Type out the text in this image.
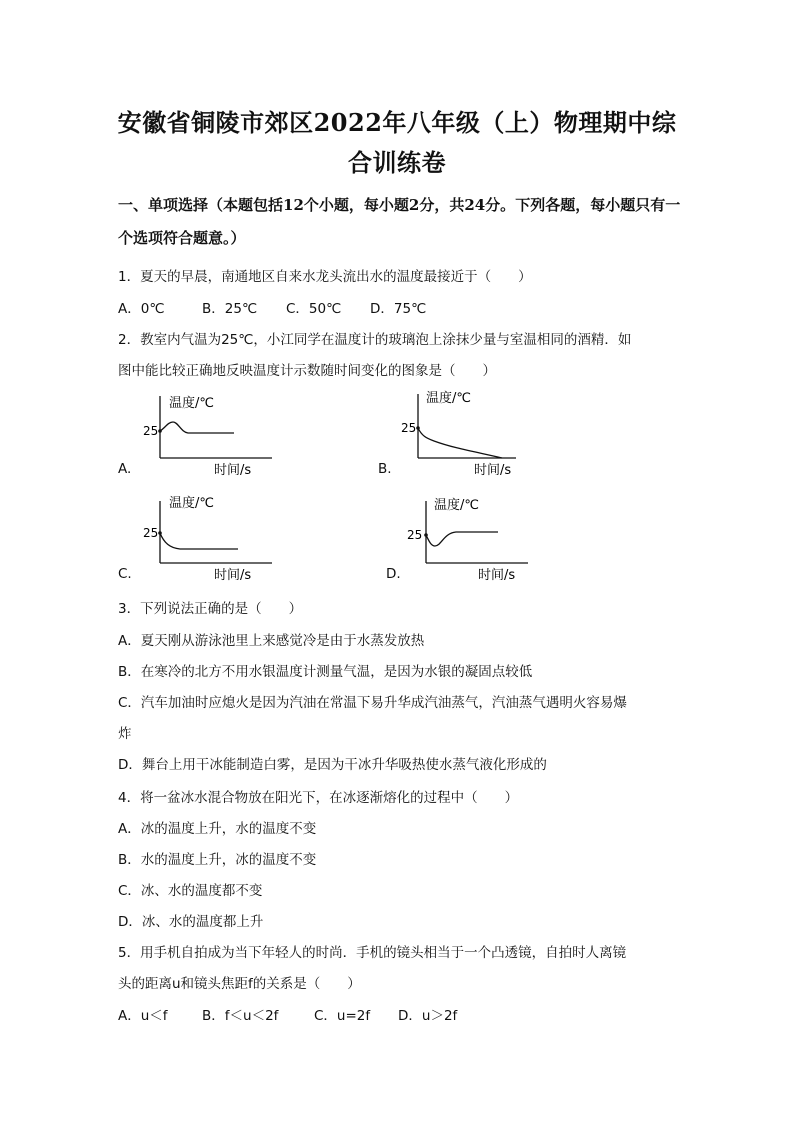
安徽省铜陵市郊区2022年八年级（上）物理期中综
合训练卷
一、单项选择（本题包括12个小题，每小题2分，共24分。下列各题，每小题只有一个选项符合题意。）
1．夏天的早晨，南通地区自来水龙头流出水的温度最接近于（　　）
A．0℃	B．25℃ C．50℃ D．75℃
2．教室内气温为25℃，小江同学在温度计的玻璃泡上涂抹少量与室温相同的酒精．如
图中能比较正确地反映温度计示数随时间变化的图象是（　　）
A.
温度/℃
25
时间/s	B.
温度/℃
25
时间/s
C.
温度/℃
25
时间/s	D.
温度/℃
25
时间/s
3．下列说法正确的是（　　）
A．夏天刚从游泳池里上来感觉冷是由于水蒸发放热
B．在寒冷的北方不用水银温度计测量气温，是因为水银的凝固点较低
C．汽车加油时应熄火是因为汽油在常温下易升华成汽油蒸气，汽油蒸气遇明火容易爆
炸
D．舞台上用干冰能制造白雾，是因为干冰升华吸热使水蒸气液化形成的
4．将一盆冰水混合物放在阳光下，在冰逐渐熔化的过程中（　　）
A．冰的温度上升，水的温度不变
B．水的温度上升，冰的温度不变
C．冰、水的温度都不变
D．冰、水的温度都上升
5．用手机自拍成为当下年轻人的时尚．手机的镜头相当于一个凸透镜，自拍时人离镜
头的距离u和镜头焦距f的关系是（　　）
A．u＜f	B．f＜u＜2f	C．u=2f D．u＞2f
